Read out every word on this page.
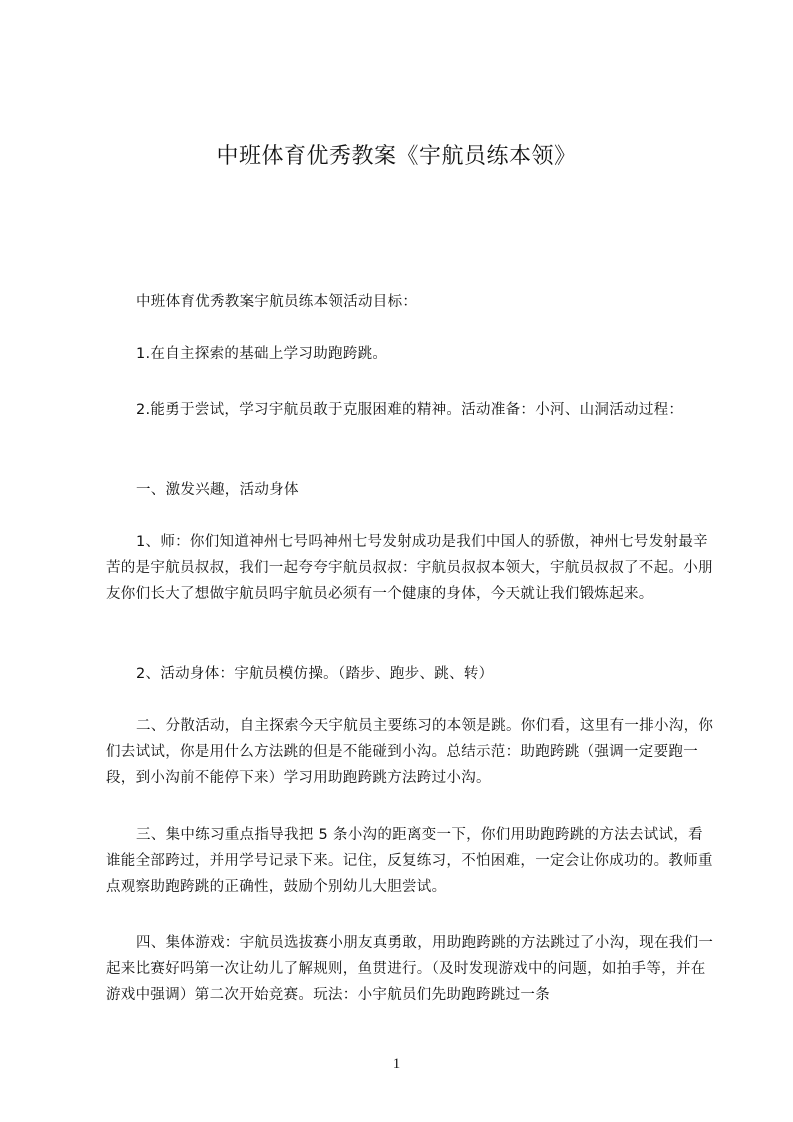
中班体育优秀教案《宇航员练本领》

中班体育优秀教案宇航员练本领活动目标：

1.在自主探索的基础上学习助跑跨跳。

2.能勇于尝试，学习宇航员敢于克服困难的精神。活动准备：小河、山洞活动过程：

一、激发兴趣，活动身体

1、师：你们知道神州七号吗神州七号发射成功是我们中国人的骄傲，神州七号发射最辛苦的是宇航员叔叔，我们一起夸夸宇航员叔叔：宇航员叔叔本领大，宇航员叔叔了不起。小朋友你们长大了想做宇航员吗宇航员必须有一个健康的身体，今天就让我们锻炼起来。

2、活动身体：宇航员模仿操。（踏步、跑步、跳、转）

二、分散活动，自主探索今天宇航员主要练习的本领是跳。你们看，这里有一排小沟，你们去试试，你是用什么方法跳的但是不能碰到小沟。总结示范：助跑跨跳（强调一定要跑一段，到小沟前不能停下来）学习用助跑跨跳方法跨过小沟。

三、集中练习重点指导我把 5 条小沟的距离变一下，你们用助跑跨跳的方法去试试，看谁能全部跨过，并用学号记录下来。记住，反复练习，不怕困难，一定会让你成功的。教师重点观察助跑跨跳的正确性，鼓励个别幼儿大胆尝试。

四、集体游戏：宇航员选拔赛小朋友真勇敢，用助跑跨跳的方法跳过了小沟，现在我们一起来比赛好吗第一次让幼儿了解规则，鱼贯进行。（及时发现游戏中的问题，如拍手等，并在游戏中强调）第二次开始竞赛。玩法：小宇航员们先助跑跨跳过一条

1
